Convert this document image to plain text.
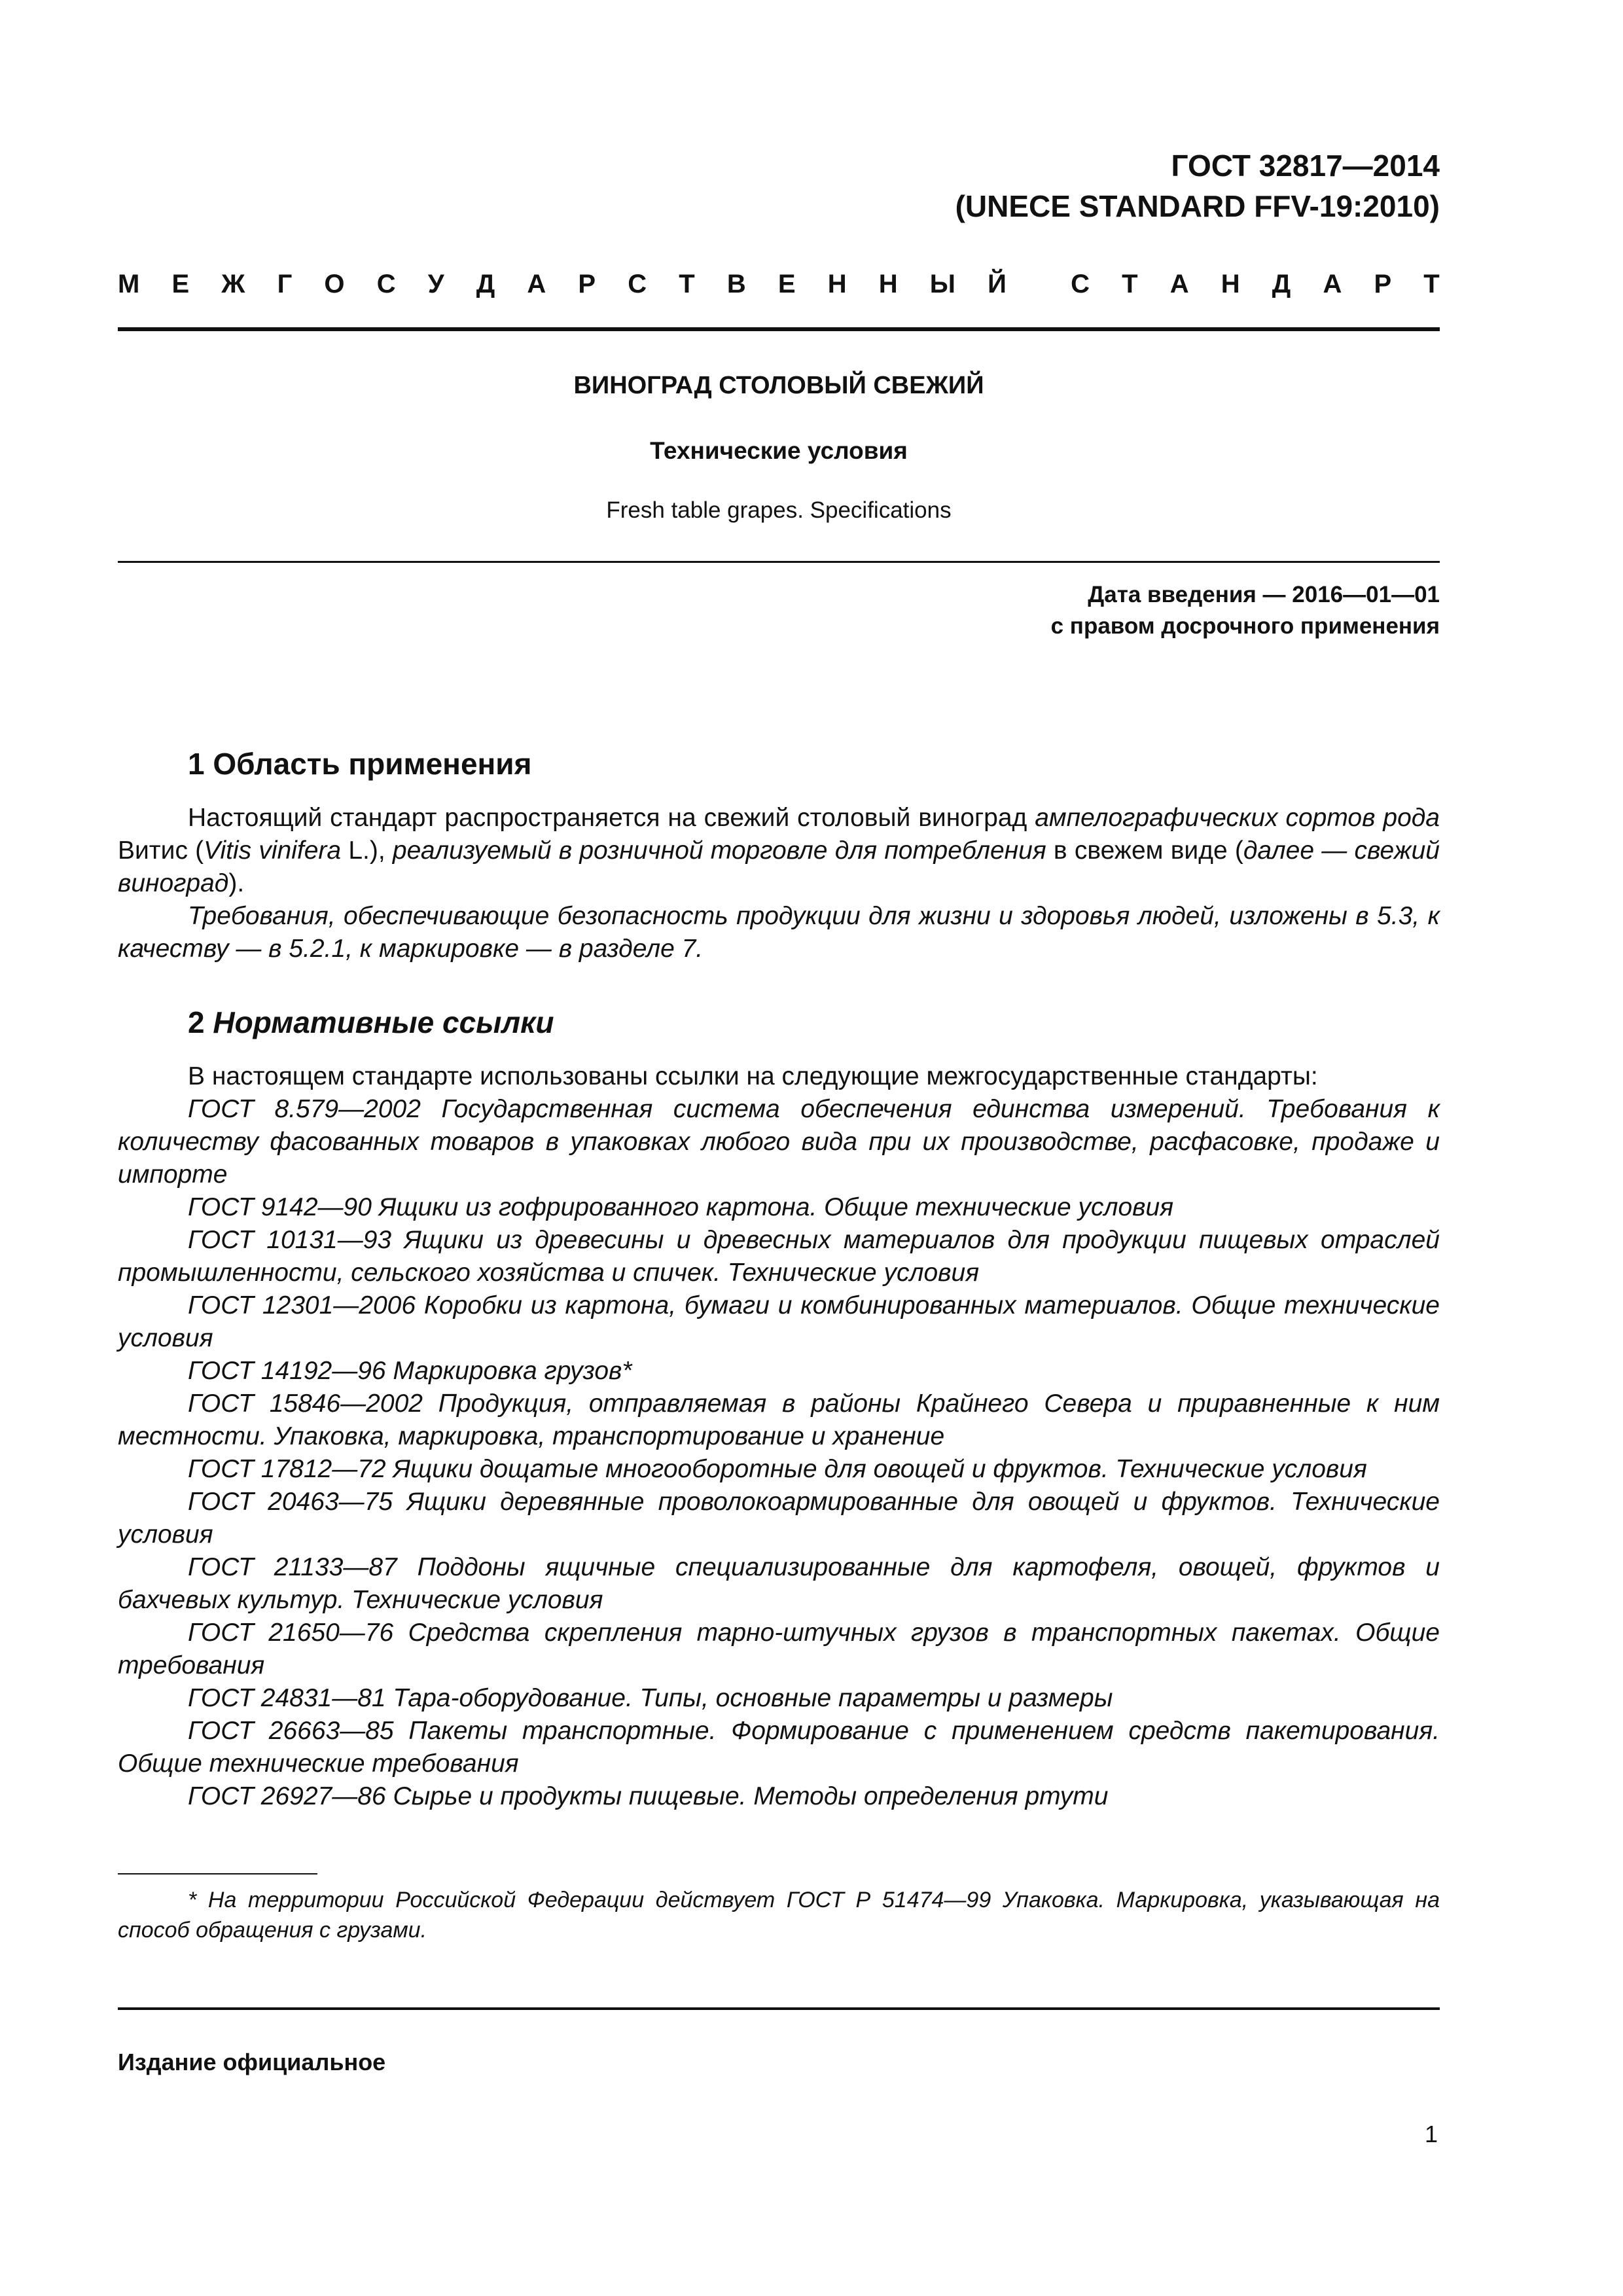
ГОСТ 32817—2014
(UNECE STANDARD FFV-19:2010)
М Е Ж Г О С У Д А Р С Т В Е Н Н Ы Й С Т А Н Д А Р Т
ВИНОГРАД СТОЛОВЫЙ СВЕЖИЙ
Технические условия
Fresh table grapes. Specifications
Дата введения — 2016—01—01
с правом досрочного применения
1 Область применения

Настоящий стандарт распространяется на свежий столовый виноград ампелографических сортов рода Витис (Vitis vinifera L.), реализуемый в розничной торговле для потребления в свежем виде (далее — свежий виноград).

Требования, обеспечивающие безопасность продукции для жизни и здоровья людей, изложены в 5.3, к качеству — в 5.2.1, к маркировке — в разделе 7.

2 Нормативные ссылки

В настоящем стандарте использованы ссылки на следующие межгосударственные стандарты:

ГОСТ 8.579—2002 Государственная система обеспечения единства измерений. Требования к количеству фасованных товаров в упаковках любого вида при их производстве, расфасовке, продаже и импорте

ГОСТ 9142—90 Ящики из гофрированного картона. Общие технические условия

ГОСТ 10131—93 Ящики из древесины и древесных материалов для продукции пищевых отраслей промышленности, сельского хозяйства и спичек. Технические условия

ГОСТ 12301—2006 Коробки из картона, бумаги и комбинированных материалов. Общие технические условия

ГОСТ 14192—96 Маркировка грузов*

ГОСТ 15846—2002 Продукция, отправляемая в районы Крайнего Севера и приравненные к ним местности. Упаковка, маркировка, транспортирование и хранение

ГОСТ 17812—72 Ящики дощатые многооборотные для овощей и фруктов. Технические условия

ГОСТ 20463—75 Ящики деревянные проволокоармированные для овощей и фруктов. Технические условия

ГОСТ 21133—87 Поддоны ящичные специализированные для картофеля, овощей, фруктов и бахчевых культур. Технические условия

ГОСТ 21650—76 Средства скрепления тарно-штучных грузов в транспортных пакетах. Общие требования

ГОСТ 24831—81 Тара-оборудование. Типы, основные параметры и размеры

ГОСТ 26663—85 Пакеты транспортные. Формирование с применением средств пакетирования. Общие технические требования

ГОСТ 26927—86 Сырье и продукты пищевые. Методы определения ртути

* На территории Российской Федерации действует ГОСТ Р 51474—99 Упаковка. Маркировка, указывающая на способ обращения с грузами.

Издание официальное
1
